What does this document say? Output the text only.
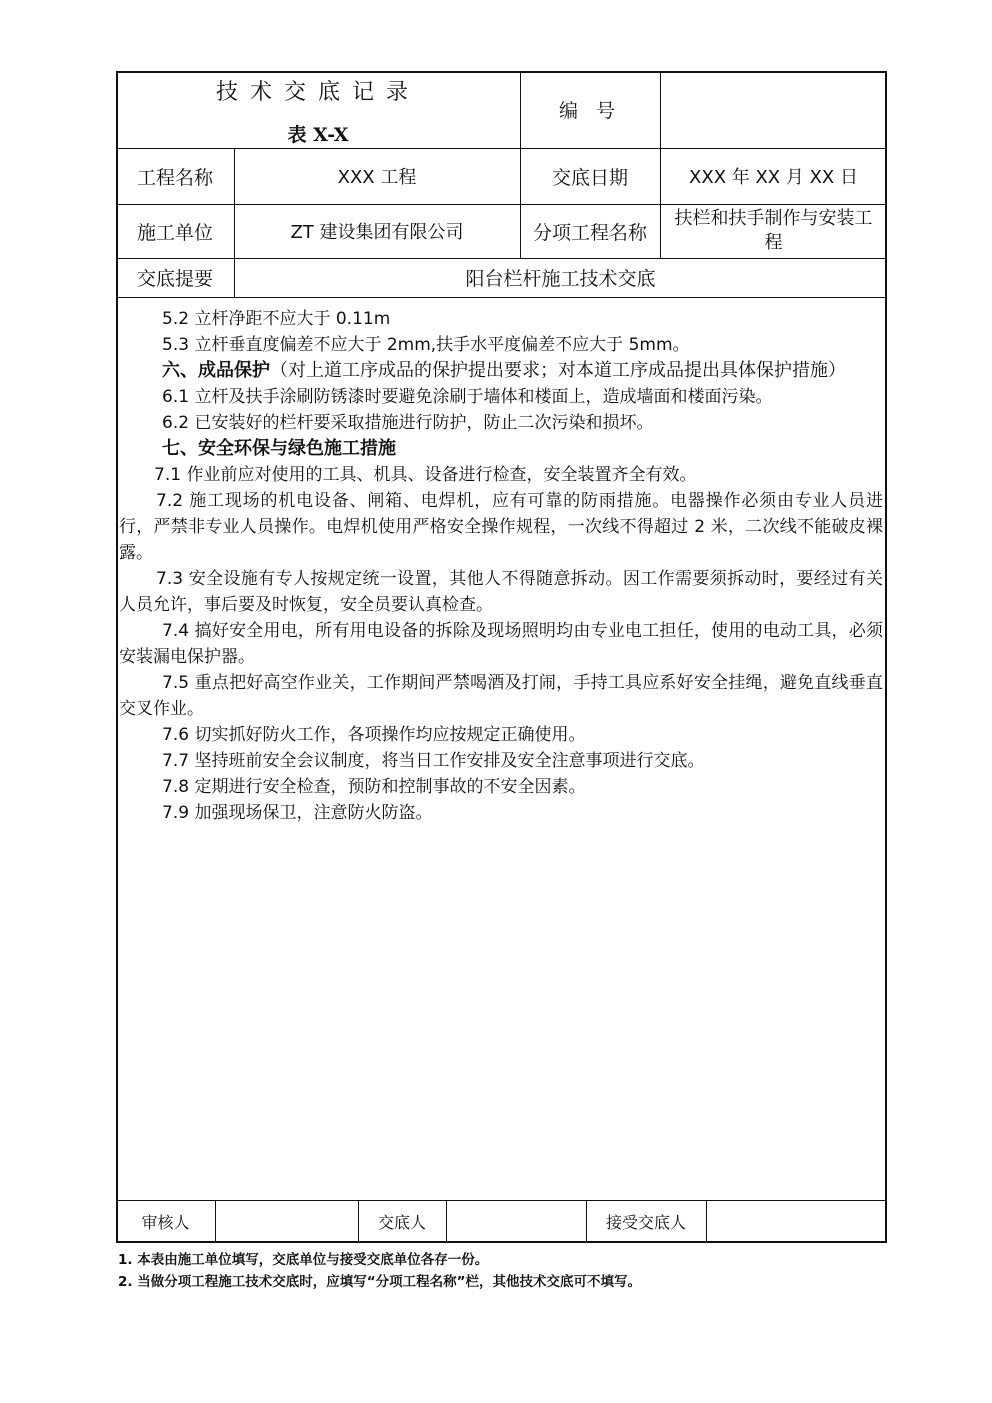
技术交底记录
表 X-X
编 号
工程名称	XXX 工程	交底日期	XXX 年 XX 月 XX 日
施工单位	ZT 建设集团有限公司	分项工程名称
扶栏和扶手制作与安装工程
交底提要	阳台栏杆施工技术交底

5.2 立杆净距不应大于 0.11m

5.3 立杆垂直度偏差不应大于 2mm,扶手水平度偏差不应大于 5mm。

六、成品保护（对上道工序成品的保护提出要求；对本道工序成品提出具体保护措施）

6.1 立杆及扶手涂刷防锈漆时要避免涂刷于墙体和楼面上，造成墙面和楼面污染。

6.2 已安装好的栏杆要采取措施进行防护，防止二次污染和损坏。

七、安全环保与绿色施工措施

7.1 作业前应对使用的工具、机具、设备进行检查，安全装置齐全有效。

7.2 施工现场的机电设备、闸箱、电焊机，应有可靠的防雨措施。电器操作必须由专业人员进行，严禁非专业人员操作。电焊机使用严格安全操作规程，一次线不得超过 2 米，二次线不能破皮裸露。

7.3 安全设施有专人按规定统一设置，其他人不得随意拆动。因工作需要须拆动时，要经过有关人员允许，事后要及时恢复，安全员要认真检查。

7.4 搞好安全用电，所有用电设备的拆除及现场照明均由专业电工担任，使用的电动工具，必须安装漏电保护器。

7.5 重点把好高空作业关，工作期间严禁喝酒及打闹，手持工具应系好安全挂绳，避免直线垂直交叉作业。

7.6 切实抓好防火工作，各项操作均应按规定正确使用。

7.7 坚持班前安全会议制度，将当日工作安排及安全注意事项进行交底。

7.8 定期进行安全检查，预防和控制事故的不安全因素。

7.9 加强现场保卫，注意防火防盗。

审核人	交底人	接受交底人
1. 本表由施工单位填写，交底单位与接受交底单位各存一份。
2. 当做分项工程施工技术交底时，应填写“分项工程名称”栏，其他技术交底可不填写。
